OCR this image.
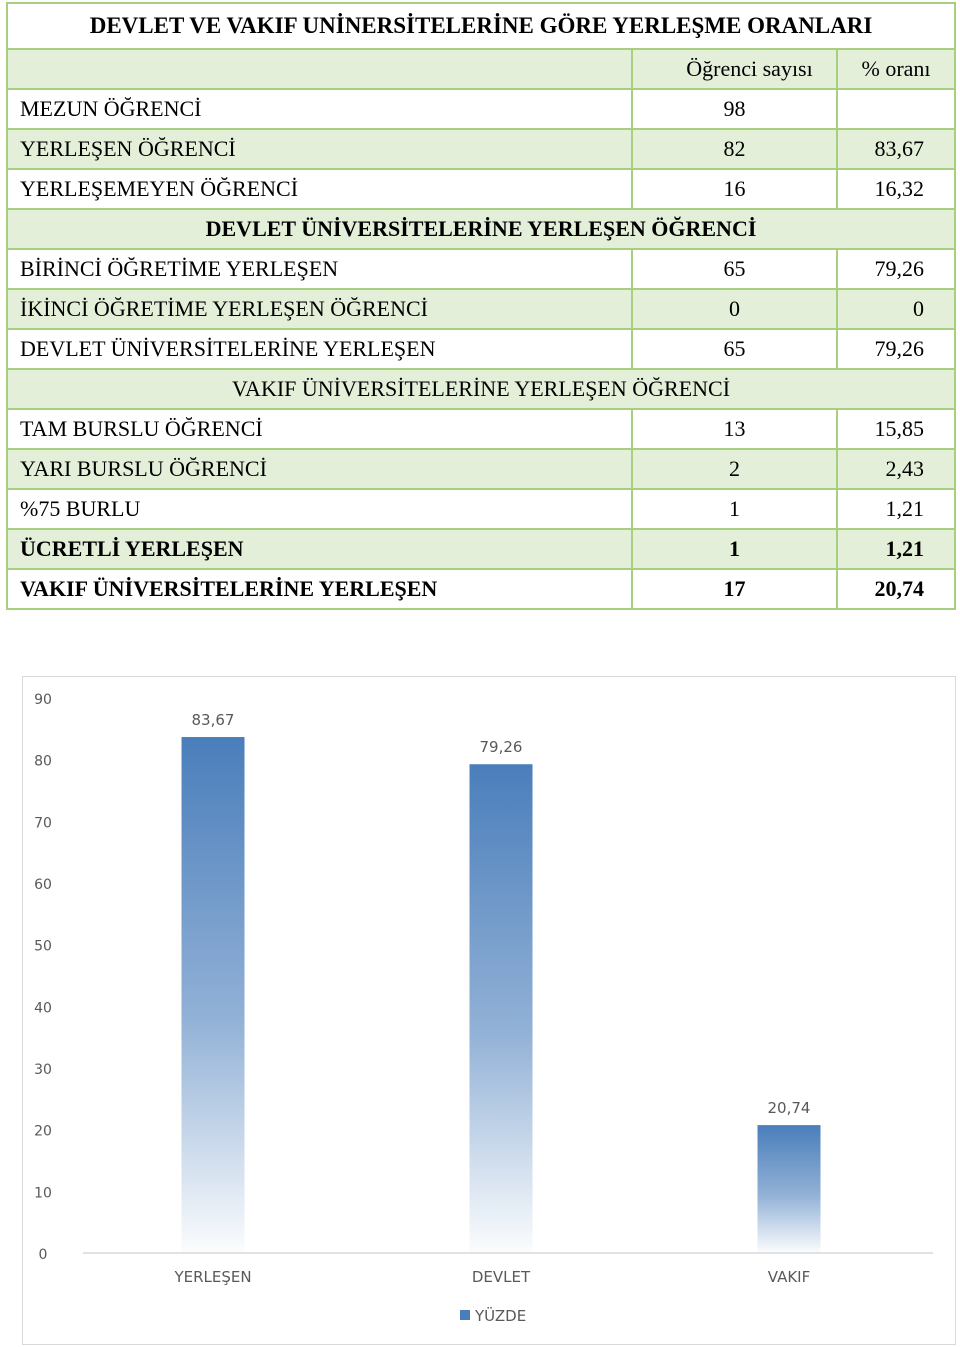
DEVLET VE VAKIF UNİNERSİTELERİNE GÖRE YERLEŞME ORANLARI		
	Öğrenci sayısı	% oranı
MEZUN ÖĞRENCİ	98	
YERLEŞEN ÖĞRENCİ	82	83,67
YERLEŞEMEYEN ÖĞRENCİ	16	16,32
DEVLET ÜNİVERSİTELERİNE YERLEŞEN ÖĞRENCİ		
BİRİNCİ ÖĞRETİME YERLEŞEN	65	79,26
İKİNCİ ÖĞRETİME YERLEŞEN ÖĞRENCİ	0	0
DEVLET ÜNİVERSİTELERİNE YERLEŞEN	65	79,26
VAKIF ÜNİVERSİTELERİNE YERLEŞEN ÖĞRENCİ		
TAM BURSLU ÖĞRENCİ	13	15,85
YARI BURSLU ÖĞRENCİ	2	2,43
%75 BURLU	1	1,21
ÜCRETLİ YERLEŞEN	1	1,21
VAKIF ÜNİVERSİTELERİNE YERLEŞEN	17	20,74
0
10
20
30
40
50
60
70
80
90
83,67
YERLEŞEN
79,26
DEVLET
20,74
VAKIF
YÜZDE
